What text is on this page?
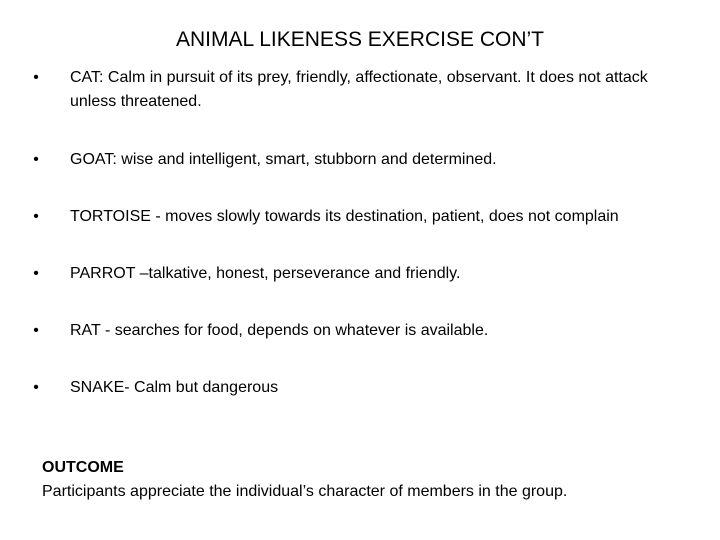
ANIMAL LIKENESS EXERCISE CON’T
•	CAT: Calm in pursuit of its prey, friendly, affectionate, observant. It does not attack unless threatened.
•	GOAT: wise and intelligent, smart, stubborn and determined.
•	TORTOISE - moves slowly towards its destination, patient, does not complain
•	PARROT –talkative, honest, perseverance and friendly.
•	RAT - searches for food, depends on whatever is available.
•	SNAKE- Calm but dangerous
OUTCOME
Participants appreciate the individual’s character of members in the group.
